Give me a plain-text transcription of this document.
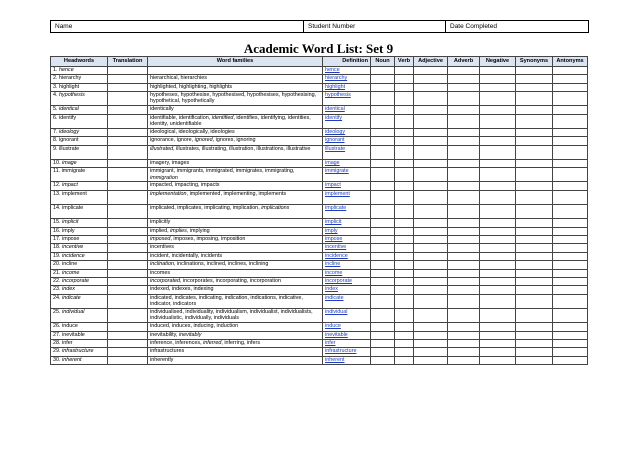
Name	Student Number	Date Completed
Academic Word List: Set 9
Headwords	Translation	Word families	Definition	Noun	Verb	Adjective	Adverb	Negative	Synonyms	Antonyms
1. hence			hence							
2. hierarchy		hierarchical, hierarchies	hierarchy							
3. highlight		highlighted, highlighting, highlights	highlight							
4. hypothesis		hypotheses, hypothesise, hypothesised, hypothesises, hypothesising, hypothetical, hypothetically	hypothesis							
5. identical		identically	identical							
6. identify		identifiable, identification, identified, identifies, identifying, identities, identity, unidentifiable	identify							
7. ideology		ideological, ideologically, ideologies	ideology							
8. ignorant		ignorance, ignore, ignored, ignores, ignoring	ignorant							
9. illustrate		illustrated, illustrates, illustrating, illustration, illustrations, illustrative	illustrate							
10. image		imagery, images	image							
11. immigrate		immigrant, immigrants, immigrated, immigrates, immigrating, immigration	immigrate							
12. impact		impacted, impacting, impacts	impact							
13. implement		implementation, implemented, implementing, implements	implement							
14. implicate		implicated, implicates, implicating, implication, implications	implicate							
15. implicit		implicitly	implicit							
16. imply		implied, implies, implying	imply							
17. impose		imposed, imposes, imposing, imposition	impose							
18. incentive		incentives	incentive							
19. incidence		incident, incidentally, incidents	incidence							
20. incline		inclination, inclinations, inclined, inclines, inclining	incline							
21. income		incomes	income							
22. incorporate		incorporated, incorporates, incorporating, incorporation	incorporate							
23. index		indexed, indexes, indexing	index							
24. indicate		indicated, indicates, indicating, indication, indications, indicative, indicator, indicators	indicate							
25. individual		individualised, individuality, individualism, individualist, individualists, individualistic, individually, individuals	individual							
26. induce		induced, induces, inducing, induction	induce							
27. inevitable		inevitability, inevitably	inevitable							
28. infer		inference, inferences, inferred, inferring, infers	infer							
29. infrastructure		infrastructures	infrastructure							
30. inherent		inherently	inherent							
